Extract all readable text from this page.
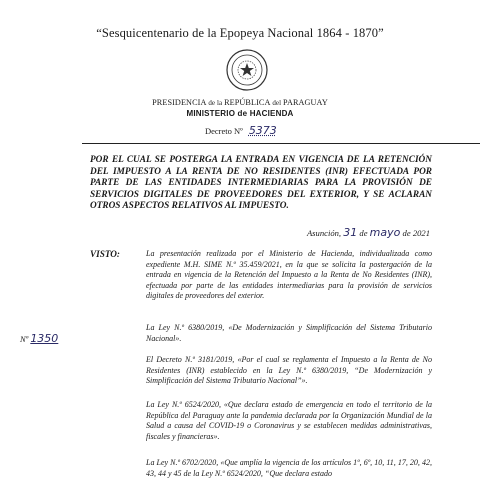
“Sesquicentenario de la Epopeya Nacional 1864 - 1870”
PRESIDENCIA de la REPÚBLICA del PARAGUAY
MINISTERIO de HACIENDA
Decreto Nº 5373
POR EL CUAL SE POSTERGA LA ENTRADA EN VIGENCIA DE LA RETENCIÓN DEL IMPUESTO A LA RENTA DE NO RESIDENTES (INR) EFECTUADA POR PARTE DE LAS ENTIDADES INTERMEDIARIAS PARA LA PROVISIÓN DE SERVICIOS DIGITALES DE PROVEEDORES DEL EXTERIOR, Y SE ACLARAN OTROS ASPECTOS RELATIVOS AL IMPUESTO.
Asunción, 31 de mayo de 2021
VISTO:	La presentación realizada por el Ministerio de Hacienda, individualizada como expediente M.H. SIME N.º 35.459/2021, en la que se solicita la postergación de la entrada en vigencia de la Retención del Impuesto a la Renta de No Residentes (INR), efectuada por parte de las entidades intermediarias para la provisión de servicios digitales de proveedores del exterior.
La Ley N.º 6380/2019, «De Modernización y Simplificación del Sistema Tributario Nacional».
El Decreto N.º 3181/2019, «Por el cual se reglamenta el Impuesto a la Renta de No Residentes (INR) establecido en la Ley N.º 6380/2019, “De Modernización y Simplificación del Sistema Tributario Nacional”».
La Ley N.º 6524/2020, «Que declara estado de emergencia en todo el territorio de la República del Paraguay ante la pandemia declarada por la Organización Mundial de la Salud a causa del COVID-19 o Coronavirus y se establecen medidas administrativas, fiscales y financieras».
La Ley N.º 6702/2020, «Que amplía la vigencia de los artículos 1º, 6º, 10, 11, 17, 20, 42, 43, 44 y 45 de la Ley N.º 6524/2020, “Que declara estado
Nº 1350
